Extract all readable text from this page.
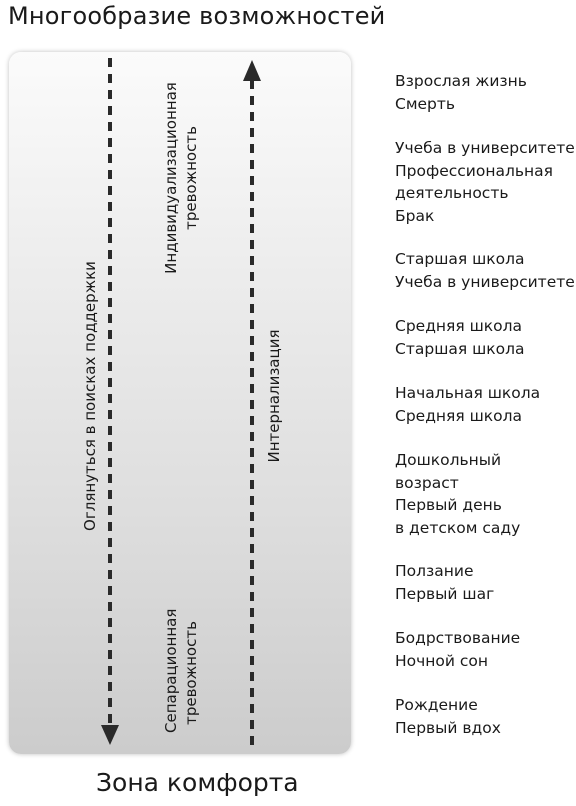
Многообразие возможностей
Оглянуться в поисках поддержки	Интернализация
Индивидуализационная тревожность
Сепарационная тревожность
Взрослая жизнь
Смерть
Учеба в университете
Профессиональная
деятельность
Брак
Старшая школа
Учеба в университете
Средняя школа
Старшая школа
Начальная школа
Средняя школа
Дошкольный
возраст
Первый день
в детском саду
Ползание
Первый шаг
Бодрствование
Ночной сон
Рождение
Первый вдох
Зона комфорта
